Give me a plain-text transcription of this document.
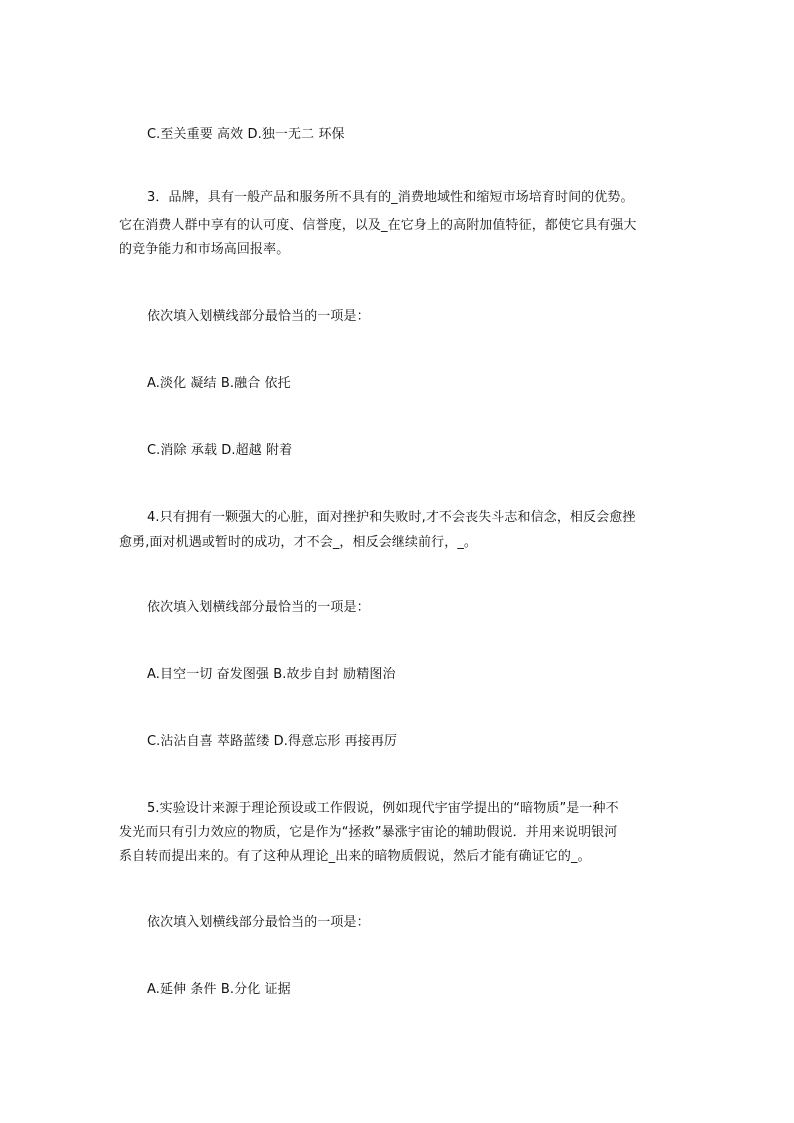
C.至关重要 高效 D.独一无二 环保
3．品牌，具有一般产品和服务所不具有的_消费地域性和缩短市场培育时间的优势。
它在消费人群中享有的认可度、信誉度，以及_在它身上的高附加值特征，都使它具有强大
的竞争能力和市场高回报率。
依次填入划横线部分最恰当的一项是：
A.淡化 凝结 B.融合 依托
C.消除 承载 D.超越 附着
4.只有拥有一颗强大的心脏，面对挫护和失败时,才不会丧失斗志和信念，相反会愈挫
愈勇,面对机遇或暂时的成功，才不会_，相反会继续前行，_。
依次填入划横线部分最恰当的一项是：
A.目空一切 奋发图强 B.故步自封 励精图治
C.沾沾自喜 萃路蓝缕 D.得意忘形 再接再厉
5.实验设计来源于理论预设或工作假说，例如现代宇宙学提出的“暗物质”是一种不
发光而只有引力效应的物质，它是作为“拯救”暴涨宇宙论的辅助假说．并用来说明银河
系自转而提出来的。有了这种从理论_出来的暗物质假说，然后才能有确证它的_。
依次填入划横线部分最恰当的一项是：
A.延伸 条件 B.分化 证据
